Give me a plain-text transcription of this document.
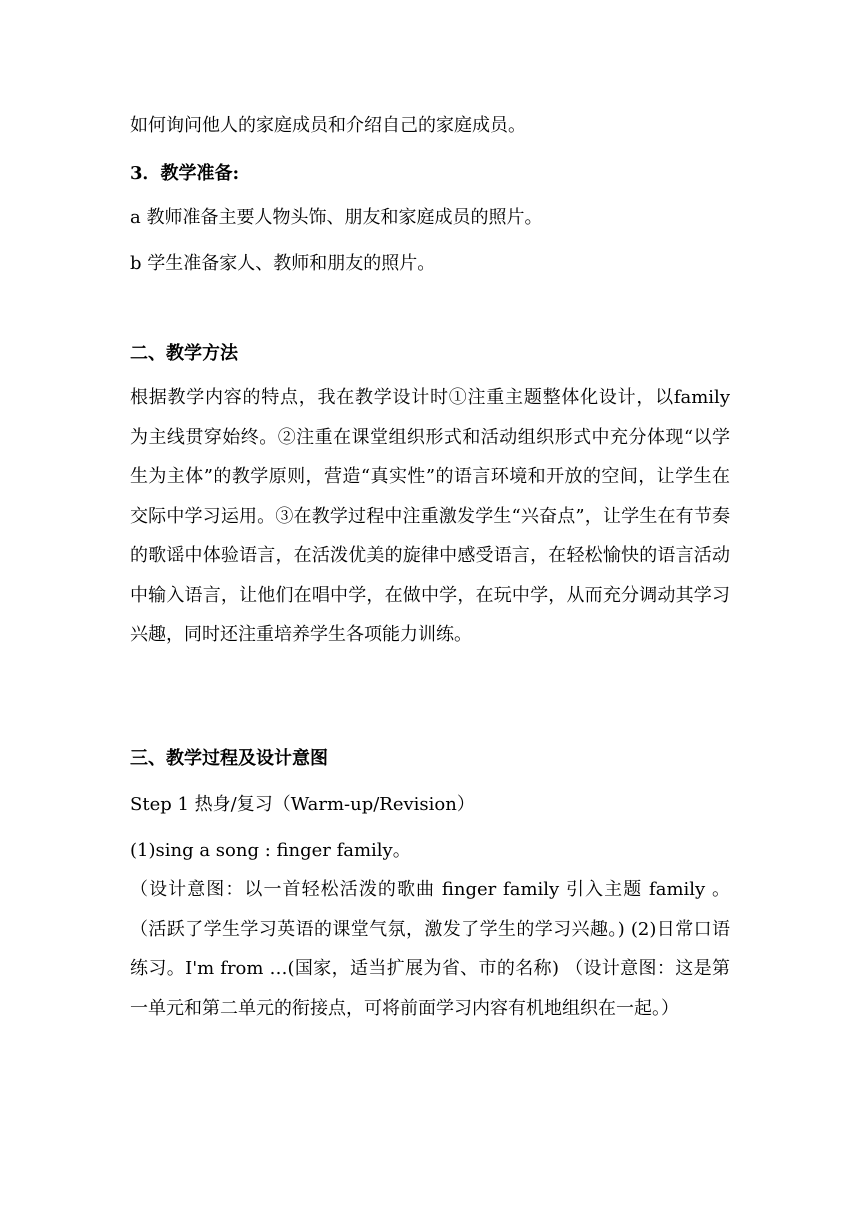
如何询问他人的家庭成员和介绍自己的家庭成员。

3．教学准备:

a 教师准备主要人物头饰、朋友和家庭成员的照片。

b 学生准备家人、教师和朋友的照片。

二、教学方法

根据教学内容的特点，我在教学设计时①注重主题整体化设计，以family 为主线贯穿始终。②注重在课堂组织形式和活动组织形式中充分体现“以学生为主体”的教学原则，营造“真实性”的语言环境和开放的空间，让学生在交际中学习运用。③在教学过程中注重激发学生“兴奋点”，让学生在有节奏的歌谣中体验语言，在活泼优美的旋律中感受语言，在轻松愉快的语言活动中输入语言，让他们在唱中学，在做中学，在玩中学，从而充分调动其学习兴趣，同时还注重培养学生各项能力训练。

三、教学过程及设计意图

Step 1 热身/复习（Warm-up/Revision）

(1)sing a song : finger family。

（设计意图：以一首轻松活泼的歌曲 finger family 引入主题 family 。（活跃了学生学习英语的课堂气氛，激发了学生的学习兴趣。) (2)日常口语练习。I'm from …(国家，适当扩展为省、市的名称) （设计意图：这是第一单元和第二单元的衔接点，可将前面学习内容有机地组织在一起。）
